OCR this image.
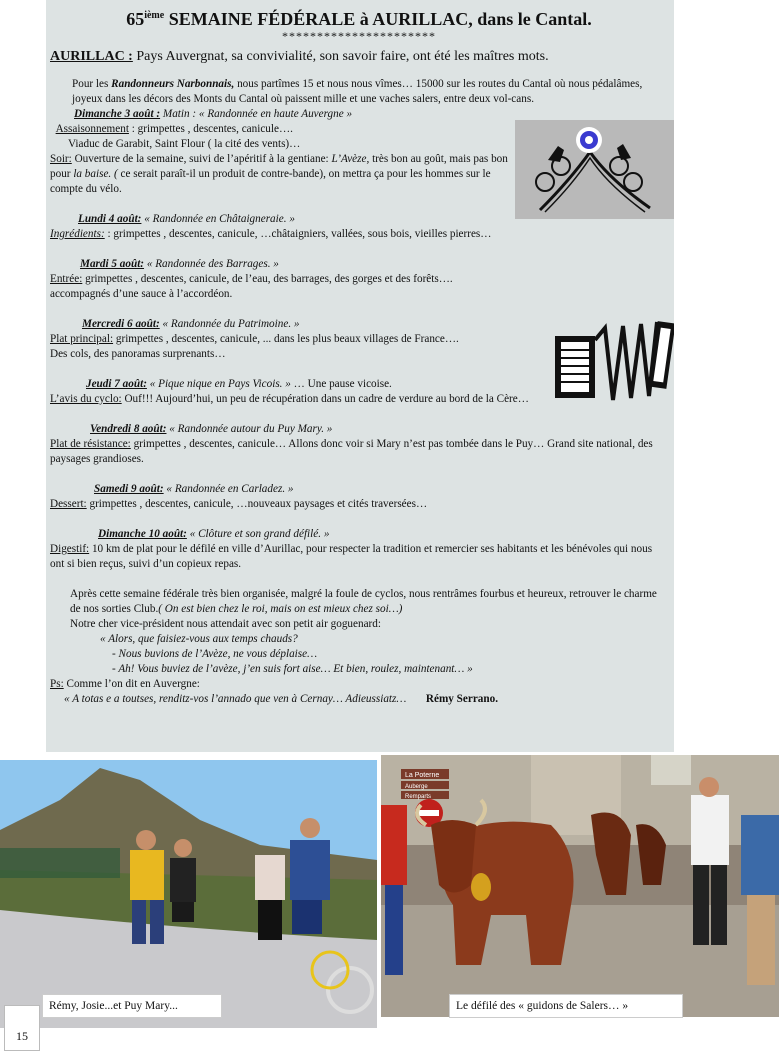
65ième SEMAINE FÉDÉRALE à AURILLAC, dans le Cantal.
**********************
AURILLAC : Pays Auvergnat, sa convivialité, son savoir faire, ont été les maîtres mots.

Pour les Randonneurs Narbonnais, nous partîmes 15 et nous nous vîmes… 15000 sur les routes du Cantal où nous pédalâmes, joyeux dans les décors des Monts du Cantal où paissent mille et une vaches salers, entre deux vol-cans.

Dimanche 3 août : Matin : « Randonnée en haute Auvergne »

Assaisonnement : grimpettes , descentes, canicule….

Viaduc de Garabit, Saint Flour ( la cité des vents)…

Soir: Ouverture de la semaine, suivi de l’apéritif à la gentiane: L’Avèze, très bon au goût, mais pas bon pour la baise. ( ce serait paraît-il un produit de contre-bande), on mettra ça pour les hommes sur le compte du vélo.

Lundi 4 août: « Randonnée en Châtaigneraie. »

Ingrédients: : grimpettes , descentes, canicule, …châtaigniers, vallées, sous bois, vieilles pierres…

Mardi 5 août: « Randonnée des Barrages. »

Entrée: grimpettes , descentes, canicule, de l’eau, des barrages, des gorges et des forêts….

accompagnés d’une sauce à l’accordéon.

Mercredi 6 août: « Randonnée du Patrimoine. »

Plat principal: grimpettes , descentes, canicule, ... dans les plus beaux villages de France….

Des cols, des panoramas surprenants…

Jeudi 7 août: « Pique nique en Pays Vicois. » … Une pause vicoise.

L’avis du cyclo: Ouf!!! Aujourd’hui, un peu de récupération dans un cadre de verdure au bord de la Cère…

Vendredi 8 août: « Randonnée autour du Puy Mary. »

Plat de résistance: grimpettes , descentes, canicule… Allons donc voir si Mary n’est pas tombée dans le Puy… Grand site national, des paysages grandioses.

Samedi 9 août: « Randonnée en Carladez. »

Dessert: grimpettes , descentes, canicule, …nouveaux paysages et cités traversées…

Dimanche 10 août: « Clôture et son grand défilé. »

Digestif: 10 km de plat pour le défilé en ville d’Aurillac, pour respecter la tradition et remercier ses habitants et les bénévoles qui nous ont si bien reçus, suivi d’un copieux repas.

Après cette semaine fédérale très bien organisée, malgré la foule de cyclos, nous rentrâmes fourbus et heureux, retrouver le charme de nos sorties Club.( On est bien chez le roi, mais on est mieux chez soi…)

Notre cher vice-président nous attendait avec son petit air goguenard:

« Alors, que faisiez-vous aux temps chauds?

- Nous buvions de l’Avèze, ne vous déplaise…

- Ah! Vous buviez de l’avèze, j’en suis fort aise… Et bien, roulez, maintenant… »

Ps: Comme l’on dit en Auvergne:

« A totas e a toutses, renditz-vos l’annado que ven à Cernay… Adieussiatz… Rémy Serrano.

Rémy, Josie...et Puy Mary...
La Poterne
Auberge
Remparts
Le défilé des « guidons de Salers… »
15
